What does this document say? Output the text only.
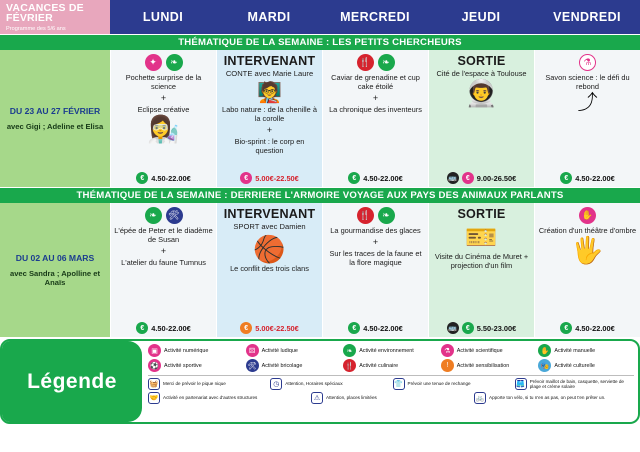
VACANCES DE FÉVRIER
Programme des 5/6 ans
LUNDI	MARDI	MERCREDI	JEUDI	VENDREDI
THÉMATIQUE DE LA SEMAINE : LES PETITS CHERCHEURS
DU 23 AU 27 FÉVRIER
avec Gigi ; Adeline et Elisa
✦	❧
Pochette surprise de la science
+
Eclipse créative
👩‍🔬
€ 4.50-22.00€
INTERVENANT
CONTE avec Marie Laure
🧑‍🏫
Labo nature : de la chenille à la corolle
+
Bio-sprint : le corp en question
€ 5.00€-22.50€
🍴	❧
Caviar de grenadine et cup cake étoilé
+
La chronique des inventeurs
€ 4.50-22.00€
SORTIE
Cité de l'espace à Toulouse
👨‍🚀
🚌	€ 9.00-26.50€
⚗
Savon science : le défi du rebond
⤴
€ 4.50-22.00€
THÉMATIQUE DE LA SEMAINE : DERRIERE L'ARMOIRE VOYAGE AUX PAYS DES ANIMAUX PARLANTS
DU 02 AU 06 MARS
avec Sandra ; Apolline et Anaïs
❧	🛠
L'épée de Peter et le diadème de Susan
+
L'atelier du faune Tumnus
€ 4.50-22.00€
INTERVENANT
SPORT avec Damien
🏀
Le conflit des trois clans
€ 5.00€-22.50€
🍴	❧
La gourmandise des glaces
+
Sur les traces de la faune et la flore magique
€ 4.50-22.00€
SORTIE
🎫
Visite du Cinéma de Muret + projection d'un film
🚌	€ 5.50-23.00€
✋
Création d'un théâtre d'ombre
🖐
€ 4.50-22.00€
Légende
▣	Activité numérique	⚄	Activité ludique	❧	Activité environnement	⚗	Activité scientifique	✋ Activité manuelle
⚽ Activité sportive	🛠 Activité bricolage	🍴 Activité culinaire	!	Activité sensibilisation	🎭 Activité culturelle
🧺	Merci de prévoir le pique nique	◷	Attention, Horaires spéciaux	👕	Prévoir une tenue de rechange	🩳	Prévoir maillot de bain, casquette, serviette de plage et crème solaire
🤝	Activité en partenariat avec d'autres structures	⚠	Attention, places limitées	🚲	Apporte ton vélo, si tu n'en as pas, on peut t'en prêter un.
